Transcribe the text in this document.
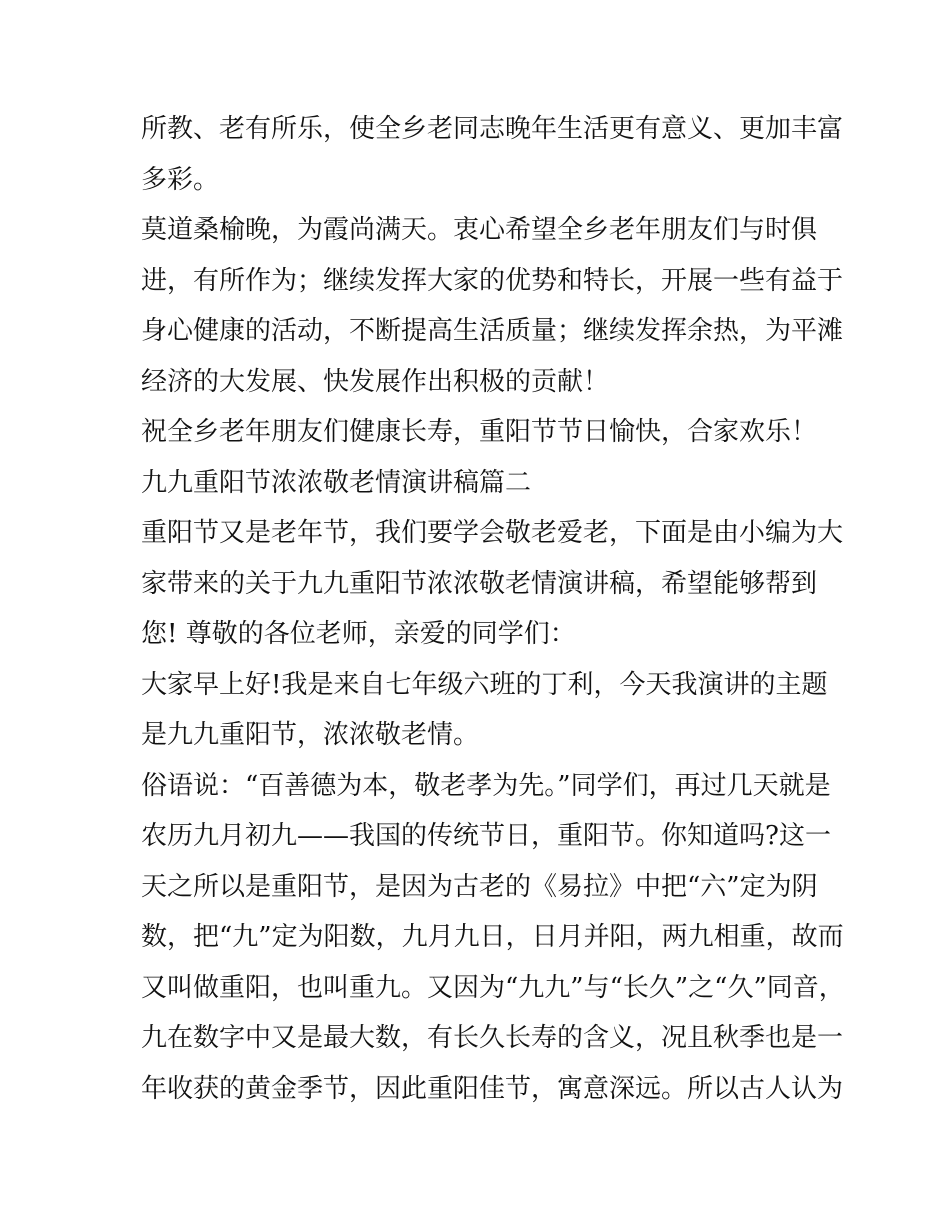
所教、老有所乐，使全乡老同志晚年生活更有意义、更加丰富
多彩。
莫道桑榆晚，为霞尚满天。衷心希望全乡老年朋友们与时俱
进，有所作为；继续发挥大家的优势和特长，开展一些有益于
身心健康的活动，不断提高生活质量；继续发挥余热，为平滩
经济的大发展、快发展作出积极的贡献！
祝全乡老年朋友们健康长寿，重阳节节日愉快，合家欢乐！
九九重阳节浓浓敬老情演讲稿篇二
重阳节又是老年节，我们要学会敬老爱老，下面是由小编为大
家带来的关于九九重阳节浓浓敬老情演讲稿，希望能够帮到
您! 尊敬的各位老师，亲爱的同学们：
大家早上好!我是来自七年级六班的丁利，今天我演讲的主题
是九九重阳节，浓浓敬老情。
俗语说：“百善德为本，敬老孝为先。”同学们，再过几天就是
农历九月初九——我国的传统节日，重阳节。你知道吗?这一
天之所以是重阳节，是因为古老的《易拉》中把“六”定为阴
数，把“九”定为阳数，九月九日，日月并阳，两九相重，故而
又叫做重阳，也叫重九。又因为“九九”与“长久”之“久”同音，
九在数字中又是最大数，有长久长寿的含义，况且秋季也是一
年收获的黄金季节，因此重阳佳节，寓意深远。所以古人认为
